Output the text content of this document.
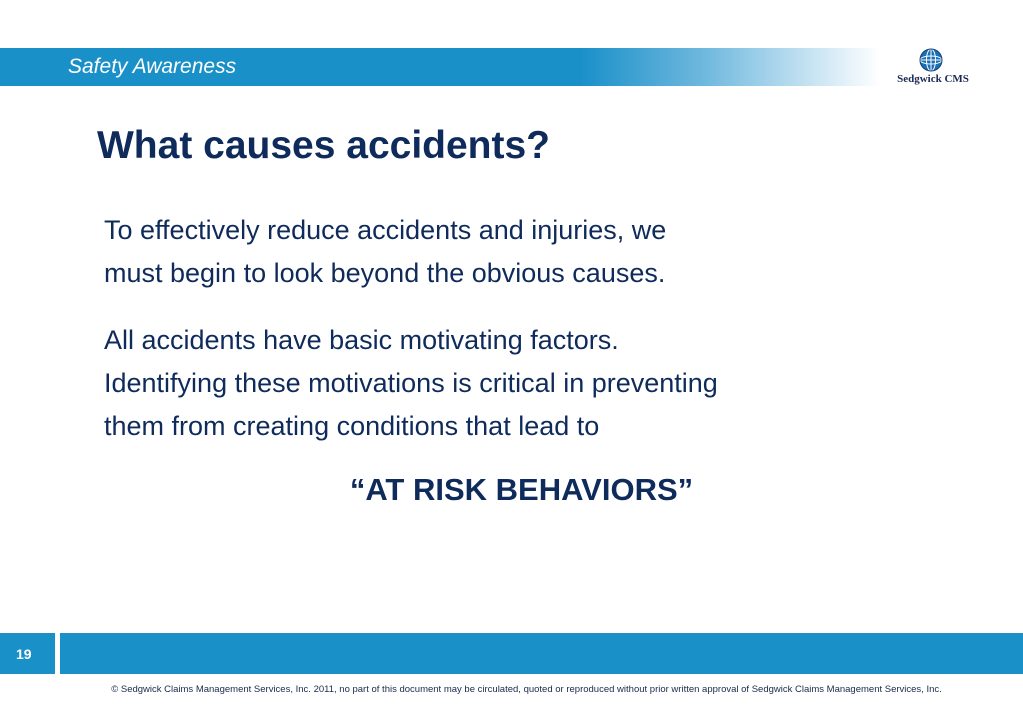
Safety Awareness
Sedgwick CMS
What causes accidents?
To effectively reduce accidents and injuries, we
must begin to look beyond the obvious causes.
All accidents have basic motivating factors.
Identifying these motivations is critical in preventing
them from creating conditions that lead to
“AT RISK BEHAVIORS”
19
© Sedgwick Claims Management Services, Inc. 2011, no part of this document may be circulated, quoted or reproduced without prior written approval of Sedgwick Claims Management Services, Inc.
